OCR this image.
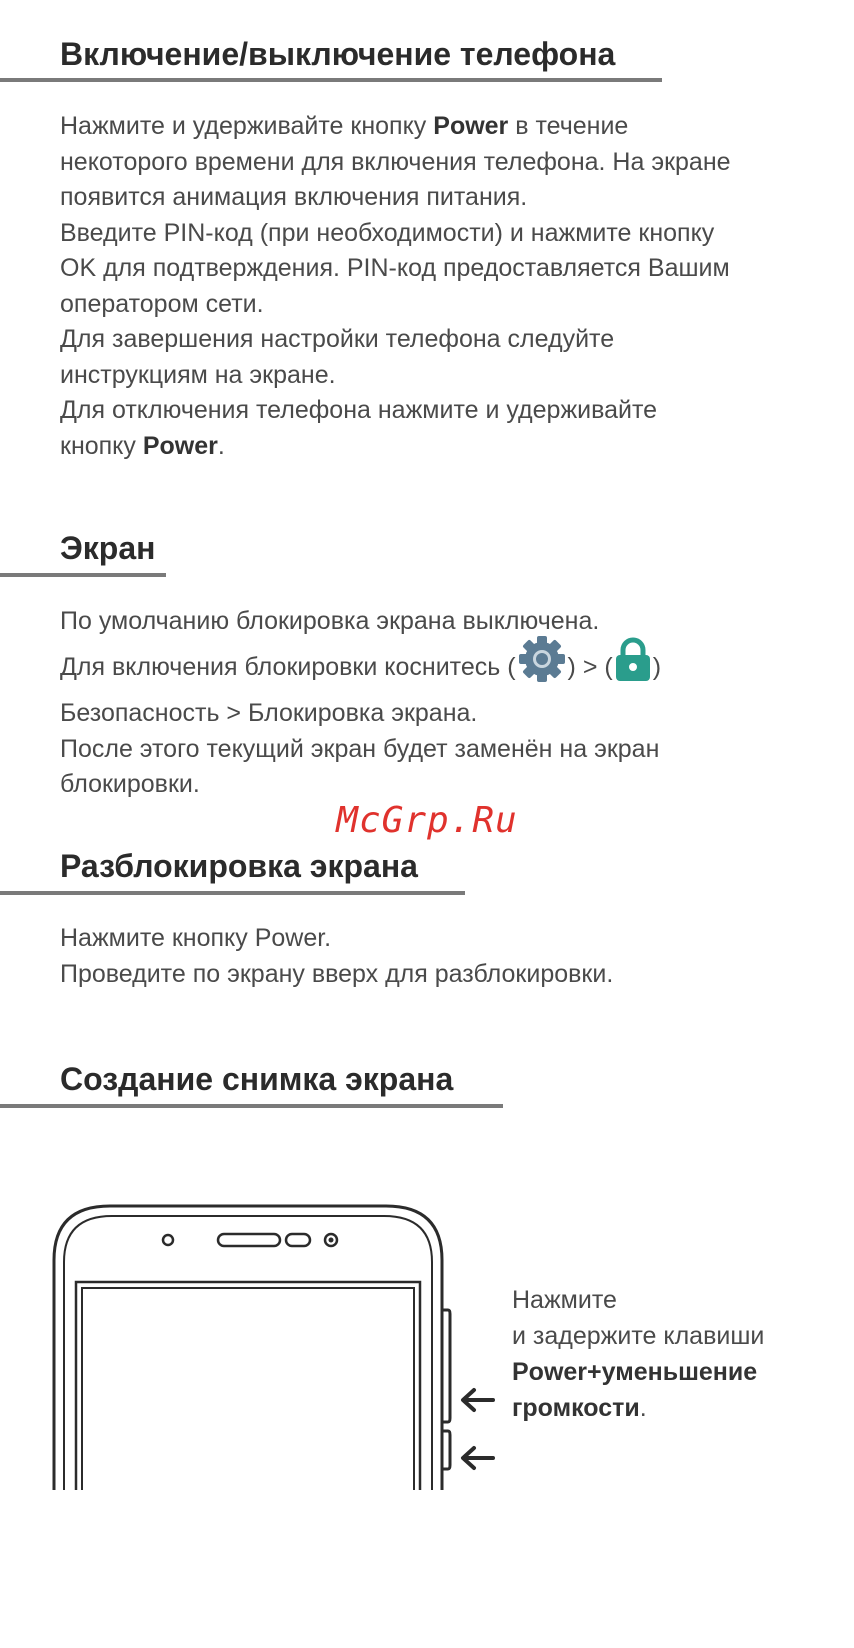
Включение/выключение телефона

Нажмите и удерживайте кнопку Power в течение

некоторого времени для включения телефона. На экране

появится анимация включения питания.

Введите PIN-код (при необходимости) и нажмите кнопку

OK для подтверждения. PIN-код предоставляется Вашим

оператором сети.

Для завершения настройки телефона следуйте

инструкциям на экране.

Для отключения телефона нажмите и удерживайте

кнопку Power.

Экран

По умолчанию блокировка экрана выключена.

Для включения блокировки коснитесь ( ) > ( )

Безопасность > Блокировка экрана.

После этого текущий экран будет заменён на экран

блокировки.

McGrp.Ru
Разблокировка экрана

Нажмите кнопку Power.

Проведите по экрану вверх для разблокировки.

Создание снимка экрана

Нажмите

и задержите клавиши

Power+уменьшение

громкости.
